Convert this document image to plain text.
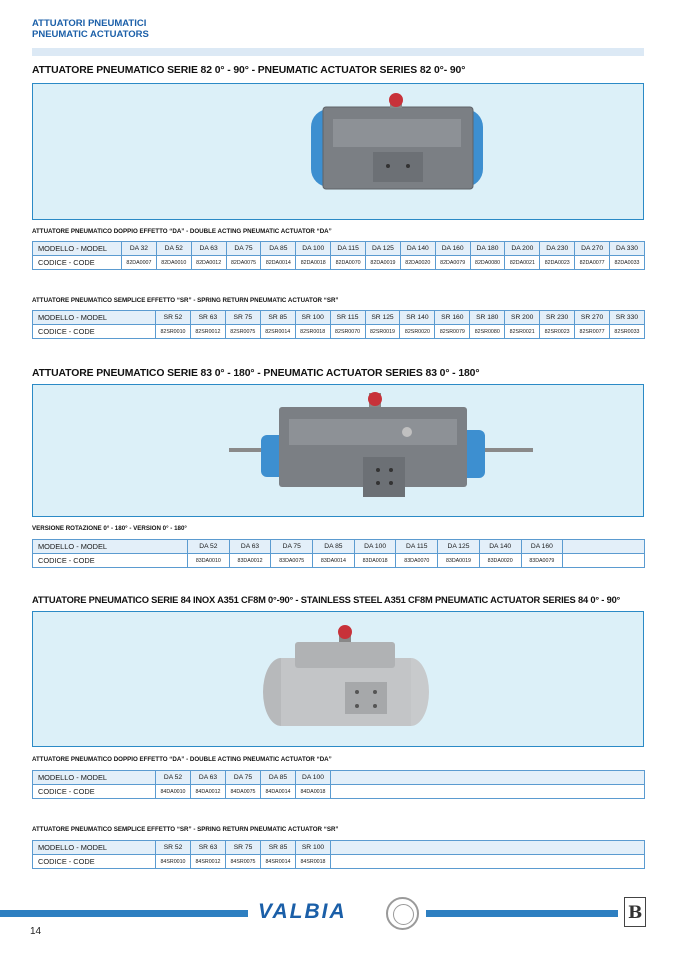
ATTUATORI PNEUMATICI
PNEUMATIC ACTUATORS
ATTUATORE PNEUMATICO SERIE 82 0° - 90° - PNEUMATIC ACTUATOR SERIES 82 0°- 90°
ATTUATORE PNEUMATICO DOPPIO EFFETTO “DA” - DOUBLE ACTING PNEUMATIC ACTUATOR “DA”
MODELLO - MODEL	DA 32	DA 52	DA 63	DA 75	DA 85	DA 100	DA 115	DA 125	DA 140	DA 160	DA 180	DA 200	DA 230	DA 270	DA 330
CODICE - CODE	82DA0007	82DA0010	82DA0012	82DA0075	82DA0014	82DA0018	82DA0070	82DA0019	82DA0020	82DA0079	82DA0080	82DA0021	82DA0023	82DA0077	82DA0033
ATTUATORE PNEUMATICO SEMPLICE EFFETTO “SR” - SPRING RETURN PNEUMATIC ACTUATOR “SR”
MODELLO - MODEL	SR 52	SR 63	SR 75	SR 85	SR 100	SR 115	SR 125	SR 140	SR 160	SR 180	SR 200	SR 230	SR 270	SR 330
CODICE - CODE	82SR0010	82SR0012	82SR0075	82SR0014	82SR0018	82SR0070	82SR0019	82SR0020	82SR0079	82SR0080	82SR0021	82SR0023	82SR0077	82SR0033
ATTUATORE PNEUMATICO SERIE 83 0° - 180° - PNEUMATIC ACTUATOR SERIES 83 0° - 180°
VERSIONE ROTAZIONE 0° - 180° - VERSION 0° - 180°
MODELLO - MODEL	DA 52	DA 63	DA 75	DA 85	DA 100	DA 115	DA 125	DA 140	DA 160	
CODICE - CODE	83DA0010	83DA0012	83DA0075	83DA0014	83DA0018	83DA0070	83DA0019	83DA0020	83DA0079	
ATTUATORE PNEUMATICO SERIE 84 INOX A351 CF8M 0°-90° - STAINLESS STEEL A351 CF8M PNEUMATIC ACTUATOR SERIES 84 0° - 90°
ATTUATORE PNEUMATICO DOPPIO EFFETTO “DA” - DOUBLE ACTING PNEUMATIC ACTUATOR “DA”
MODELLO - MODEL	DA 52	DA 63	DA 75	DA 85	DA 100	
CODICE - CODE	84DA0010	84DA0012	84DA0075	84DA0014	84DA0018	
ATTUATORE PNEUMATICO SEMPLICE EFFETTO “SR” - SPRING RETURN PNEUMATIC ACTUATOR “SR”
MODELLO - MODEL	SR 52	SR 63	SR 75	SR 85	SR 100	
CODICE - CODE	84SR0010	84SR0012	84SR0075	84SR0014	84SR0018	
VALBIA	B
14
